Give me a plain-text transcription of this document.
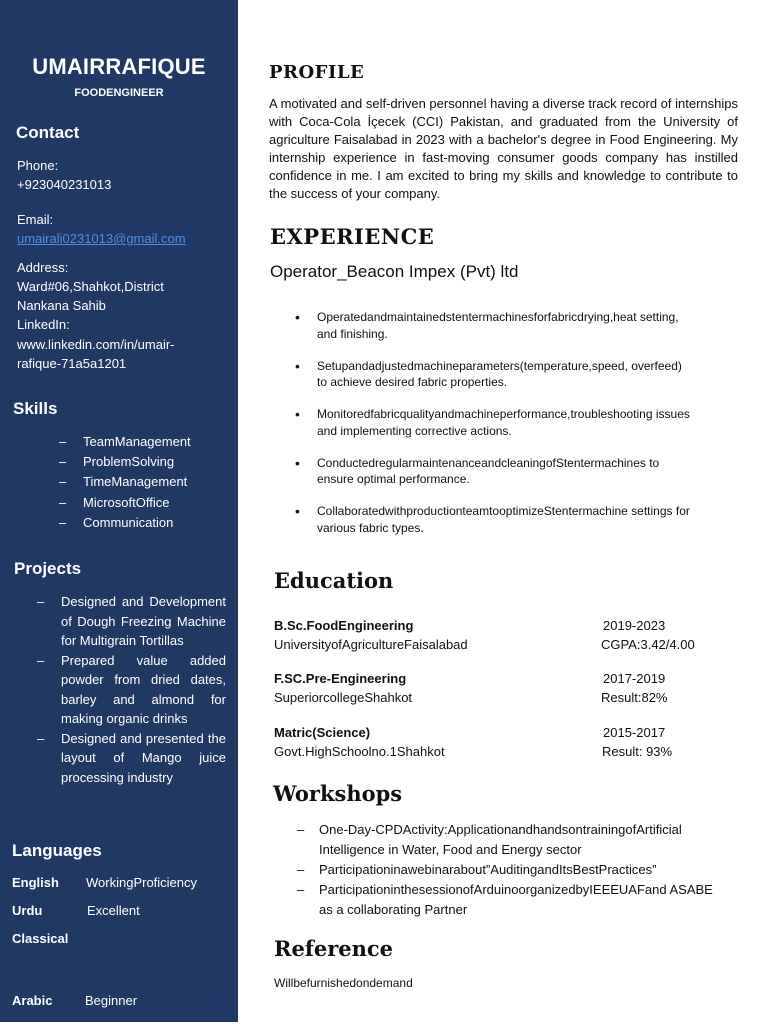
UMAIRRAFIQUE
FOODENGINEER
Contact
Phone:
+923040231013
Email:
umairali0231013@gmail.com
Address:
Ward#06,Shahkot,District
Nankana Sahib
LinkedIn:
www.linkedin.com/in/umair-
rafique-71a5a1201
Skills
– TeamManagement
– ProblemSolving
– TimeManagement
– MicrosoftOffice
– Communication
Projects
– Designed and Development of Dough Freezing Machine for Multigrain Tortillas
– Prepared value added powder from dried dates, barley and almond for making organic drinks
– Designed and presented the layout of Mango juice processing industry
Languages
English WorkingProficiency
Urdu	Excellent
Classical
Arabic	Beginner
PROFILE
A motivated and self-driven personnel having a diverse track record of internships with Coca-Cola İçecek (CCI) Pakistan, and graduated from the University of agriculture Faisalabad in 2023 with a bachelor's degree in Food Engineering. My internship experience in fast-moving consumer goods company has instilled confidence in me. I am excited to bring my skills and knowledge to contribute to the success of your company.
EXPERIENCE
Operator_Beacon Impex (Pvt) ltd
• Operatedandmaintainedstentermachinesforfabricdrying,heat setting, and finishing.
• Setupandadjustedmachineparameters(temperature,speed, overfeed) to achieve desired fabric properties.
• Monitoredfabricqualityandmachineperformance,troubleshooting issues and implementing corrective actions.
• ConductedregularmaintenanceandcleaningofStentermachines to ensure optimal performance.
• CollaboratedwithproductionteamtooptimizeStentermachine settings for various fabric types.
Education
B.Sc.FoodEngineering	2019-2023
UniversityofAgricultureFaisalabad	CGPA:3.42/4.00
F.SC.Pre-Engineering	2017-2019
SuperiorcollegeShahkot	Result:82%
Matric(Science)	2015-2017
Govt.HighSchoolno.1Shahkot	Result: 93%
Workshops
– One-Day-CPDActivity:ApplicationandhandsontrainingofArtificial Intelligence in Water, Food and Energy sector
– Participationinawebinarabout”AuditingandItsBestPractices”
– ParticipationinthesessionofArduinoorganizedbyIEEEUAFand ASABE as a collaborating Partner
Reference
Willbefurnishedondemand
